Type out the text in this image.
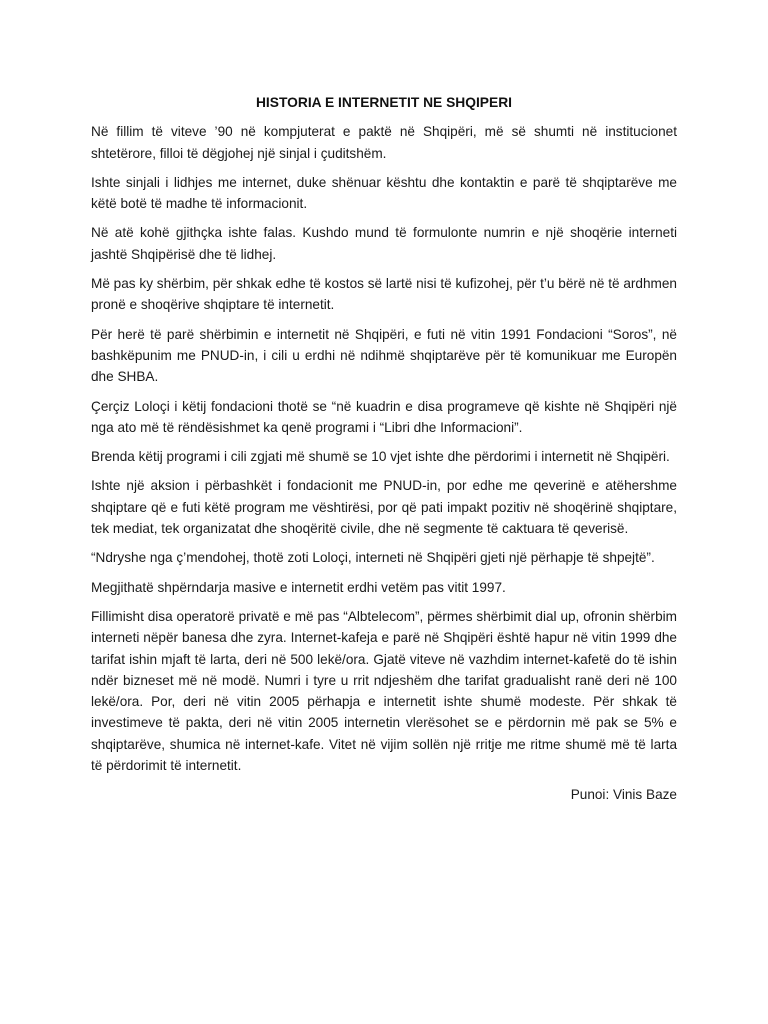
HISTORIA E INTERNETIT NE SHQIPERI

Në fillim të viteve ’90 në kompjuterat e paktë në Shqipëri, më së shumti në institucionet shtetërore, filloi të dëgjohej një sinjal i çuditshëm.

Ishte sinjali i lidhjes me internet, duke shënuar kështu dhe kontaktin e parë të shqiptarëve me këtë botë të madhe të informacionit.

Në atë kohë gjithçka ishte falas. Kushdo mund të formulonte numrin e një shoqërie interneti jashtë Shqipërisë dhe të lidhej.

Më pas ky shërbim, për shkak edhe të kostos së lartë nisi të kufizohej, për t’u bërë në të ardhmen pronë e shoqërive shqiptare të internetit.

Për herë të parë shërbimin e internetit në Shqipëri, e futi në vitin 1991 Fondacioni “Soros”, në bashkëpunim me PNUD-in, i cili u erdhi në ndihmë shqiptarëve për të komunikuar me Europën dhe SHBA.

Çerçiz Loloçi i këtij fondacioni thotë se “në kuadrin e disa programeve që kishte në Shqipëri një nga ato më të rëndësishmet ka qenë programi i “Libri dhe Informacioni”.

Brenda këtij programi i cili zgjati më shumë se 10 vjet ishte dhe përdorimi i internetit në Shqipëri.

Ishte një aksion i përbashkët i fondacionit me PNUD-in, por edhe me qeverinë e atëhershme shqiptare që e futi këtë program me vështirësi, por që pati impakt pozitiv në shoqërinë shqiptare, tek mediat, tek organizatat dhe shoqëritë civile, dhe në segmente të caktuara të qeverisë.

“Ndryshe nga ç’mendohej, thotë zoti Loloçi, interneti në Shqipëri gjeti një përhapje të shpejtë”.

Megjithatë shpërndarja masive e internetit erdhi vetëm pas vitit 1997.

Fillimisht disa operatorë privatë e më pas “Albtelecom”, përmes shërbimit dial up, ofronin shërbim interneti nëpër banesa dhe zyra. Internet-kafeja e parë në Shqipëri është hapur në vitin 1999 dhe tarifat ishin mjaft të larta, deri në 500 lekë/ora. Gjatë viteve në vazhdim internet-kafetë do të ishin ndër bizneset më në modë. Numri i tyre u rrit ndjeshëm dhe tarifat gradualisht ranë deri në 100 lekë/ora. Por, deri në vitin 2005 përhapja e internetit ishte shumë modeste. Për shkak të investimeve të pakta, deri në vitin 2005 internetin vlerësohet se e përdornin më pak se 5% e shqiptarëve, shumica në internet-kafe. Vitet në vijim sollën një rritje me ritme shumë më të larta të përdorimit të internetit.

Punoi: Vinis Baze
